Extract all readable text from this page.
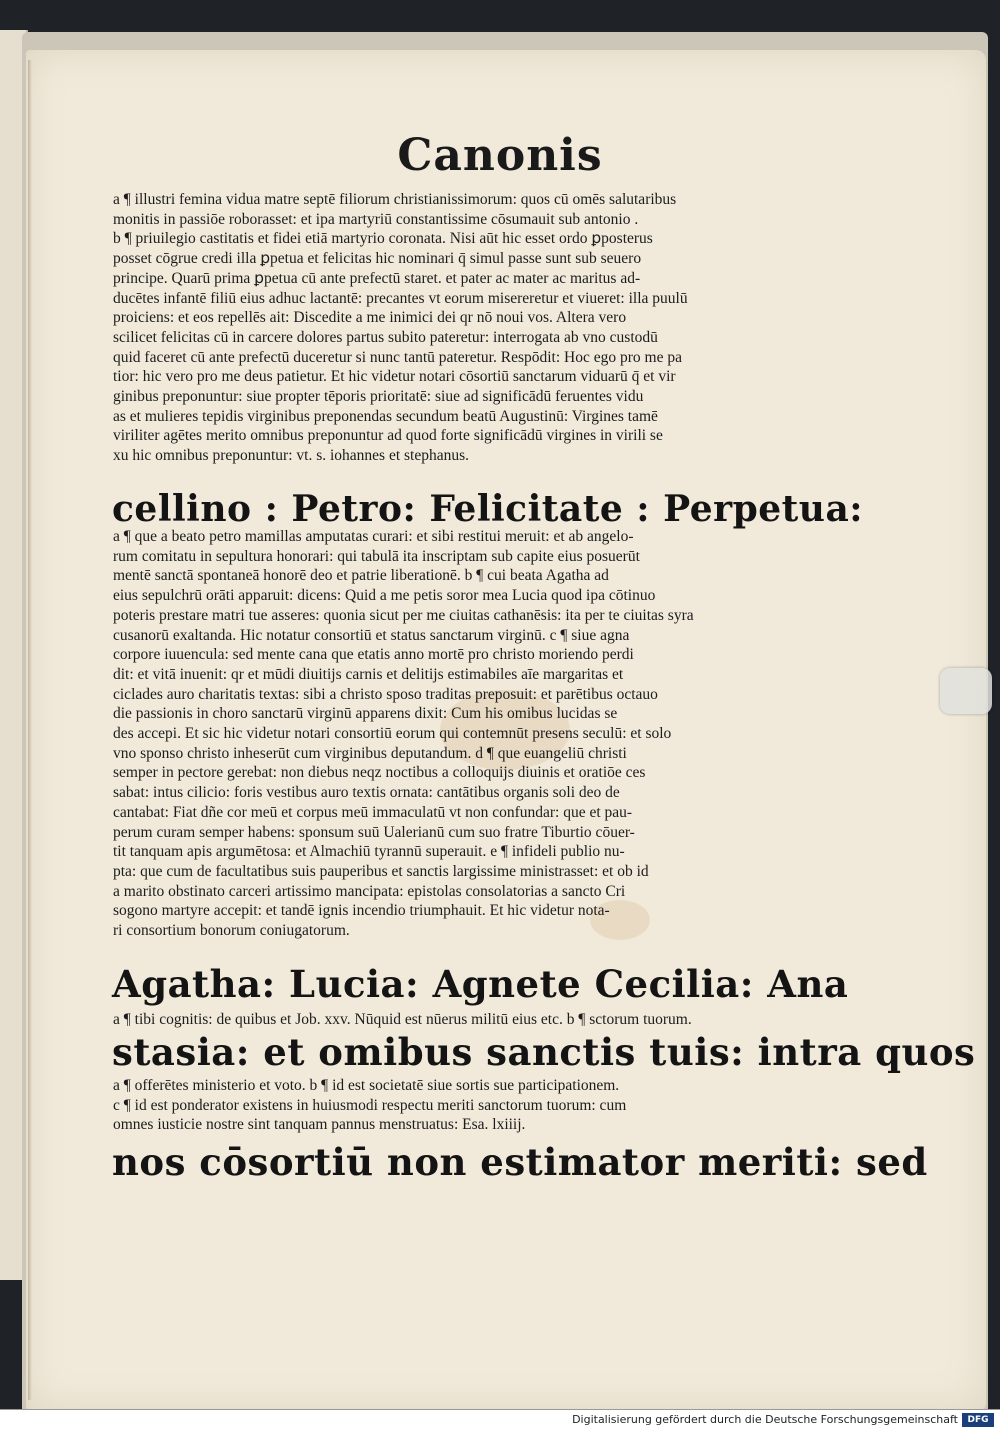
Canonis
a ¶ illustri femina vidua matre septē filiorum christianissimorum: quos cū omēs salutaribus
monitis in passiōe roborasset: et ipa martyriū constantissime cōsumauit sub antonio .
b ¶ priuilegio castitatis et fidei etiā martyrio coronata. Nisi aūt hic esset ordo ꝑposterus
posset cōgrue credi illa ꝑpetua et felicitas hic nominari q̄ simul passe sunt sub seuero
principe. Quarū prima ꝑpetua cū ante prefectū staret. et pater ac mater ac maritus ad-
ducētes infantē filiū eius adhuc lactantē: precantes vt eorum misereretur et viueret: illa puulū
proiciens: et eos repellēs ait: Discedite a me inimici dei qr nō noui vos. Altera vero
scilicet felicitas cū in carcere dolores partus subito pateretur: interrogata ab vno custodū
quid faceret cū ante prefectū duceretur si nunc tantū pateretur. Respōdit: Hoc ego pro me pa
tior: hic vero pro me deus patietur. Et hic videtur notari cōsortiū sanctarum viduarū q̄ et vir
ginibus preponuntur: siue propter tēporis prioritatē: siue ad significādū feruentes vidu
as et mulieres tepidis virginibus preponendas secundum beatū Augustinū: Virgines tamē
viriliter agētes merito omnibus preponuntur ad quod forte significādū virgines in virili se
xu hic omnibus preponuntur: vt. s. iohannes et stephanus.
cellino : Petro: Felicitate : Perpetua:
a ¶ que a beato petro mamillas amputatas curari: et sibi restitui meruit: et ab angelo-
rum comitatu in sepultura honorari: qui tabulā ita inscriptam sub capite eius posuerūt
mentē sanctā spontaneā honorē deo et patrie liberationē. b ¶ cui beata Agatha ad
eius sepulchrū orāti apparuit: dicens: Quid a me petis soror mea Lucia quod ipa cōtinuo
poteris prestare matri tue asseres: quonia sicut per me ciuitas cathanēsis: ita per te ciuitas syra
cusanorū exaltanda. Hic notatur consortiū et status sanctarum virginū. c ¶ siue agna
corpore iuuencula: sed mente cana que etatis anno mortē pro christo moriendo perdi
dit: et vitā inuenit: qr et mūdi diuitijs carnis et delitijs estimabiles aīe margaritas et
ciclades auro charitatis textas: sibi a christo sposo traditas preposuit: et parētibus octauo
die passionis in choro sanctarū virginū apparens dixit: Cum his omibus lucidas se
des accepi. Et sic hic videtur notari consortiū eorum qui contemnūt presens seculū: et solo
vno sponso christo inheserūt cum virginibus deputandum. d ¶ que euangeliū christi
semper in pectore gerebat: non diebus neqz noctibus a colloquijs diuinis et oratiōe ces
sabat: intus cilicio: foris vestibus auro textis ornata: cantātibus organis soli deo de
cantabat: Fiat dñe cor meū et corpus meū immaculatū vt non confundar: que et pau-
perum curam semper habens: sponsum suū Ualerianū cum suo fratre Tiburtio cōuer-
tit tanquam apis argumētosa: et Almachiū tyrannū superauit. e ¶ infideli publio nu-
pta: que cum de facultatibus suis pauperibus et sanctis largissime ministrasset: et ob id
a marito obstinato carceri artissimo mancipata: epistolas consolatorias a sancto Cri
sogono martyre accepit: et tandē ignis incendio triumphauit. Et hic videtur nota-
ri consortium bonorum coniugatorum.
Agatha: Lucia: Agnete Cecilia: Ana
a ¶ tibi cognitis: de quibus et Job. xxv. Nūquid est nūerus militū eius etc. b ¶ sctorum tuorum.
stasia: et omibus sanctis tuis: intra quos
a ¶ offerētes ministerio et voto. b ¶ id est societatē siue sortis sue participationem.
c ¶ id est ponderator existens in huiusmodi respectu meriti sanctorum tuorum: cum
omnes iusticie nostre sint tanquam pannus menstruatus: Esa. lxiiij.
nos cōsortiū non estimator meriti: sed
Digitalisierung gefördert durch die Deutsche Forschungsgemeinschaft	DFG
